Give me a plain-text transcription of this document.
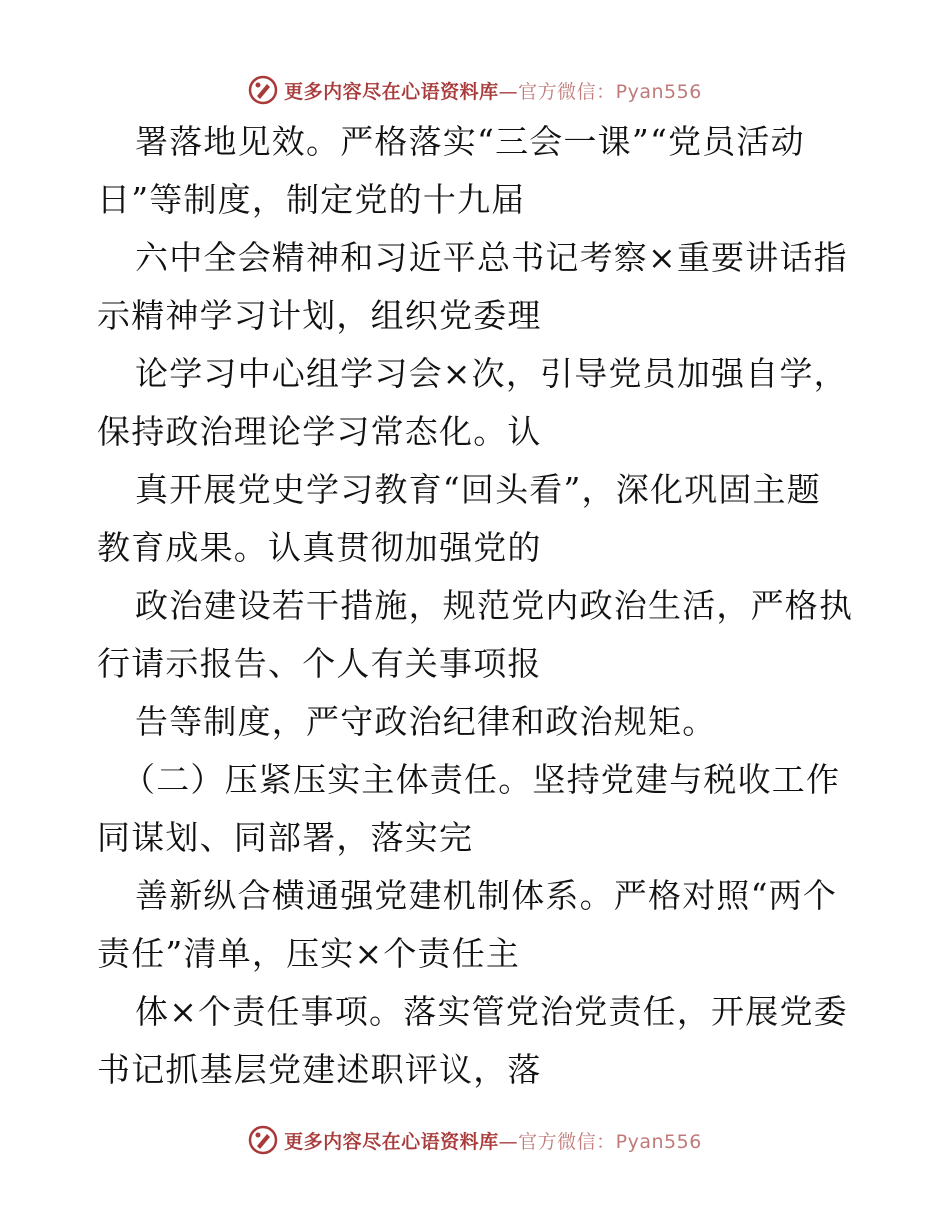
更多内容尽在心语资料库—官方微信：Pyan556
署落地见效。严格落实“三会一课”“党员活动
日”等制度，制定党的十九届
六中全会精神和习近平总书记考察×重要讲话指
示精神学习计划，组织党委理
论学习中心组学习会×次，引导党员加强自学，
保持政治理论学习常态化。认
真开展党史学习教育“回头看”，深化巩固主题
教育成果。认真贯彻加强党的
政治建设若干措施，规范党内政治生活，严格执
行请示报告、个人有关事项报
告等制度，严守政治纪律和政治规矩。
（二）压紧压实主体责任。坚持党建与税收工作
同谋划、同部署，落实完
善新纵合横通强党建机制体系。严格对照“两个
责任”清单，压实×个责任主
体×个责任事项。落实管党治党责任，开展党委
书记抓基层党建述职评议，落
更多内容尽在心语资料库—官方微信：Pyan556
